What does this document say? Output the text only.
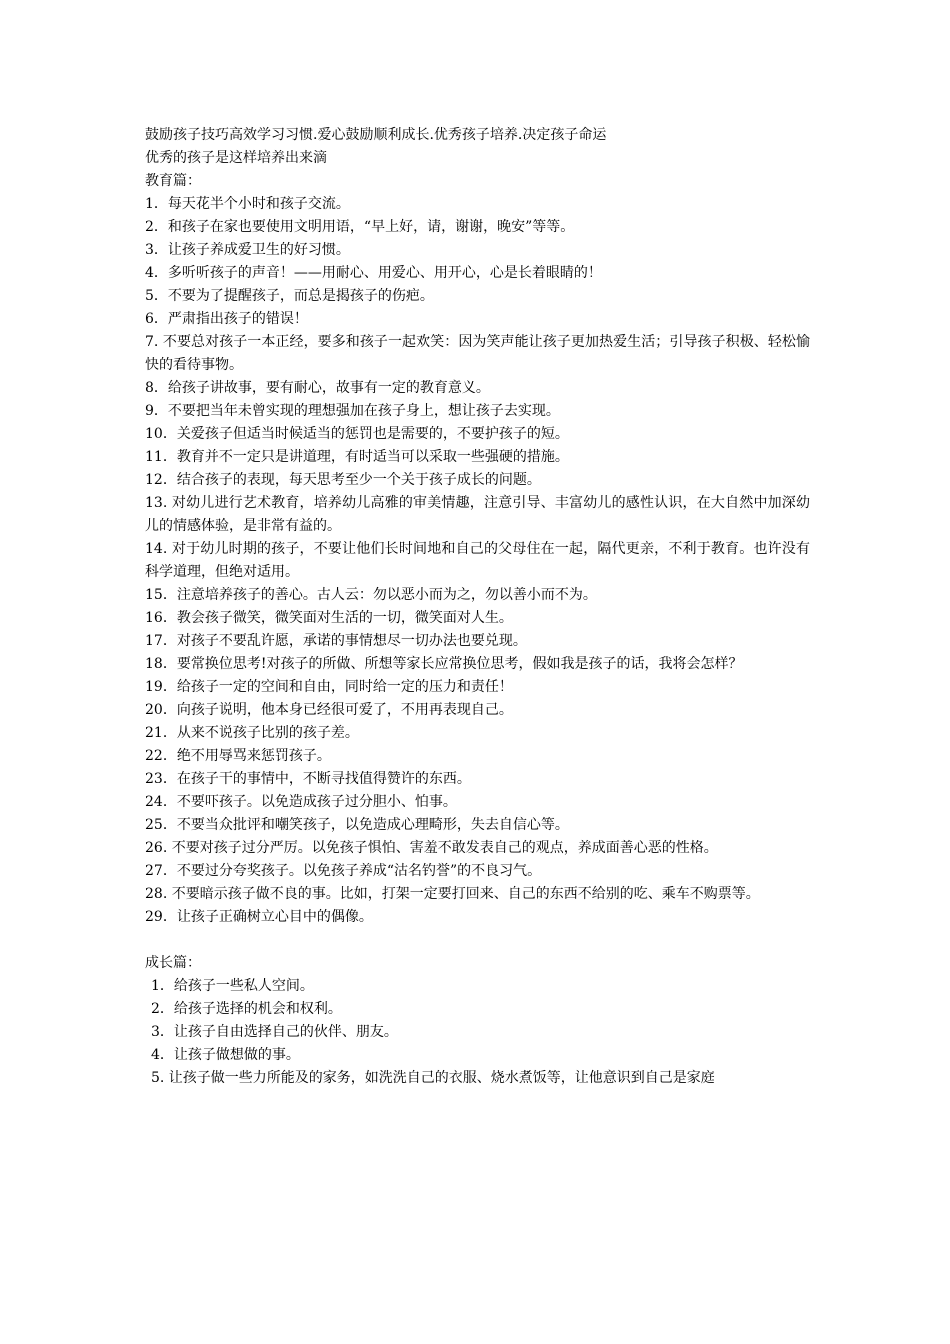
鼓励孩子技巧高效学习习惯.爱心鼓励顺利成长.优秀孩子培养.决定孩子命运

优秀的孩子是这样培养出来滴

教育篇：

1．每天花半个小时和孩子交流。

2．和孩子在家也要使用文明用语，“早上好，请，谢谢，晚安”等等。

3．让孩子养成爱卫生的好习惯。

4．多听听孩子的声音！——用耐心、用爱心、用开心，心是长着眼睛的！

5．不要为了提醒孩子，而总是揭孩子的伤疤。

6．严肃指出孩子的错误！

7. 不要总对孩子一本正经，要多和孩子一起欢笑：因为笑声能让孩子更加热爱生活；引导孩子积极、轻松愉快的看待事物。

8．给孩子讲故事，要有耐心，故事有一定的教育意义。

9．不要把当年未曾实现的理想强加在孩子身上，想让孩子去实现。

10．关爱孩子但适当时候适当的惩罚也是需要的，不要护孩子的短。

11．教育并不一定只是讲道理，有时适当可以采取一些强硬的措施。

12．结合孩子的表现，每天思考至少一个关于孩子成长的问题。

13. 对幼儿进行艺术教育，培养幼儿高雅的审美情趣，注意引导、丰富幼儿的感性认识，在大自然中加深幼儿的情感体验，是非常有益的。

14. 对于幼儿时期的孩子，不要让他们长时间地和自己的父母住在一起，隔代更亲，不利于教育。也许没有科学道理，但绝对适用。

15．注意培养孩子的善心。古人云：勿以恶小而为之，勿以善小而不为。

16．教会孩子微笑，微笑面对生活的一切，微笑面对人生。

17．对孩子不要乱许愿，承诺的事情想尽一切办法也要兑现。

18．要常换位思考!对孩子的所做、所想等家长应常换位思考，假如我是孩子的话，我将会怎样？

19．给孩子一定的空间和自由，同时给一定的压力和责任！

20．向孩子说明，他本身已经很可爱了，不用再表现自己。

21．从来不说孩子比别的孩子差。

22．绝不用辱骂来惩罚孩子。

23．在孩子干的事情中，不断寻找值得赞许的东西。

24．不要吓孩子。以免造成孩子过分胆小、怕事。

25．不要当众批评和嘲笑孩子，以免造成心理畸形，失去自信心等。

26. 不要对孩子过分严厉。以免孩子惧怕、害羞不敢发表自己的观点，养成面善心恶的性格。

27．不要过分夸奖孩子。以免孩子养成“沽名钓誉”的不良习气。

28. 不要暗示孩子做不良的事。比如，打架一定要打回来、自己的东西不给别的吃、乘车不购票等。

29．让孩子正确树立心目中的偶像。

成长篇：

1．给孩子一些私人空间。

2．给孩子选择的机会和权利。

3．让孩子自由选择自己的伙伴、朋友。

4．让孩子做想做的事。

5. 让孩子做一些力所能及的家务，如洗洗自己的衣服、烧水煮饭等，让他意识到自己是家庭
